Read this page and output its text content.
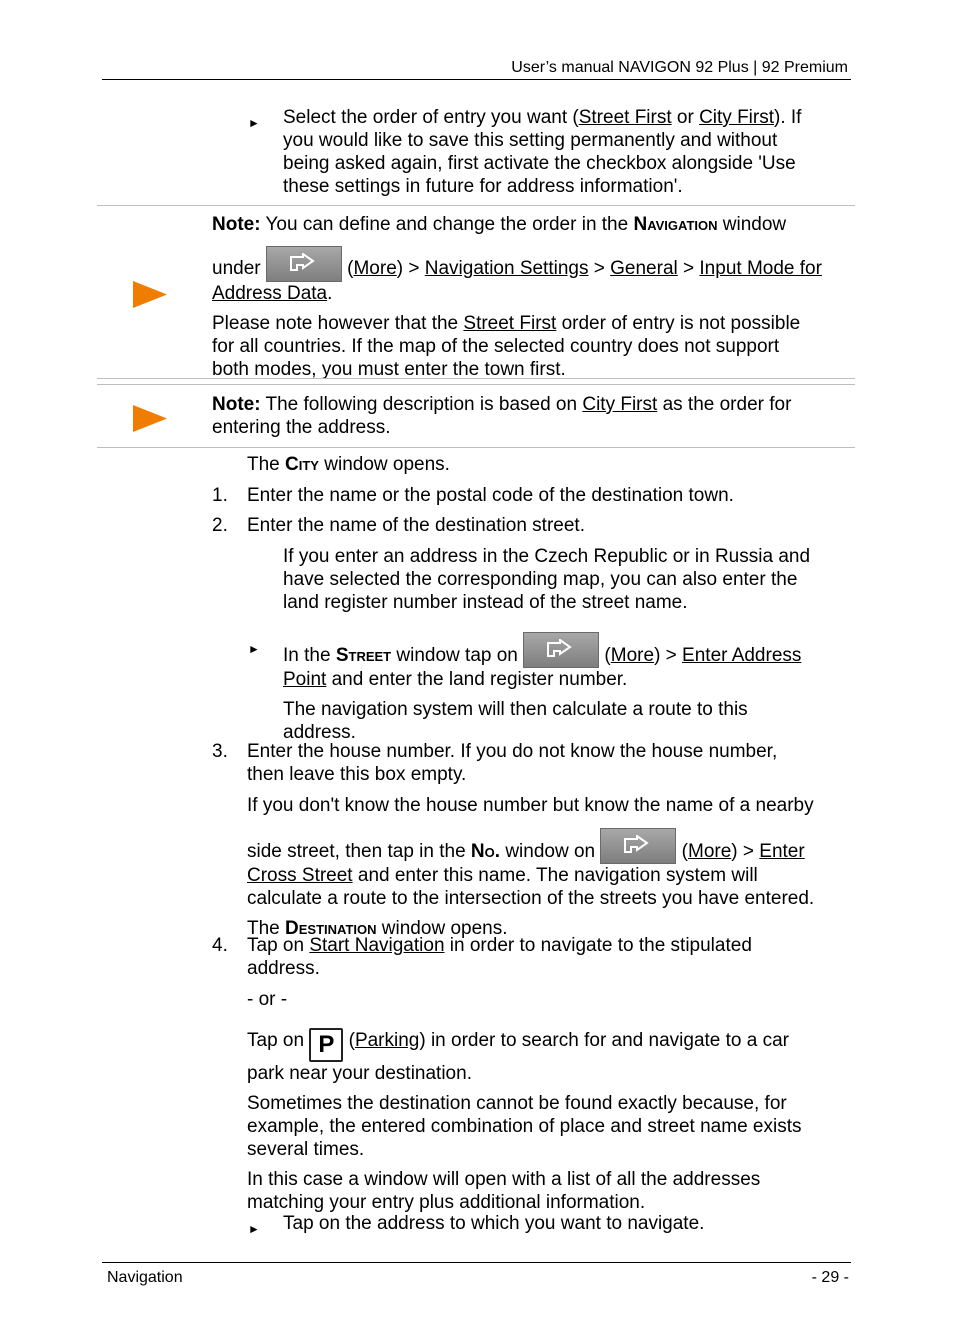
User’s manual NAVIGON 92 Plus | 92 Premium
► Select the order of entry you want (Street First or City First). If
you would like to save this setting permanently and without
being asked again, first activate the checkbox alongside 'Use
these settings in future for address information'.
Note: You can define and change the order in the Navigation window
under	(More) > Navigation Settings > General > Input Mode for
Address Data.
Please note however that the Street First order of entry is not possible
for all countries. If the map of the selected country does not support
both modes, you must enter the town first.
Note: The following description is based on City First as the order for
entering the address.
The City window opens.
1. Enter the name or the postal code of the destination town.
2. Enter the name of the destination street.
If you enter an address in the Czech Republic or in Russia and
have selected the corresponding map, you can also enter the
land register number instead of the street name.
► In the Street window tap on	(More) > Enter Address
Point and enter the land register number.
The navigation system will then calculate a route to this
address.
3. Enter the house number. If you do not know the house number,
then leave this box empty.
If you don't know the house number but know the name of a nearby
side street, then tap in the No. window on	(More) > Enter
Cross Street and enter this name. The navigation system will
calculate a route to the intersection of the streets you have entered.
The Destination window opens.
4. Tap on Start Navigation in order to navigate to the stipulated
address.
- or -
Tap on P (Parking) in order to search for and navigate to a car
park near your destination.
Sometimes the destination cannot be found exactly because, for
example, the entered combination of place and street name exists
several times.
In this case a window will open with a list of all the addresses
matching your entry plus additional information.
► Tap on the address to which you want to navigate.
Navigation	- 29 -
